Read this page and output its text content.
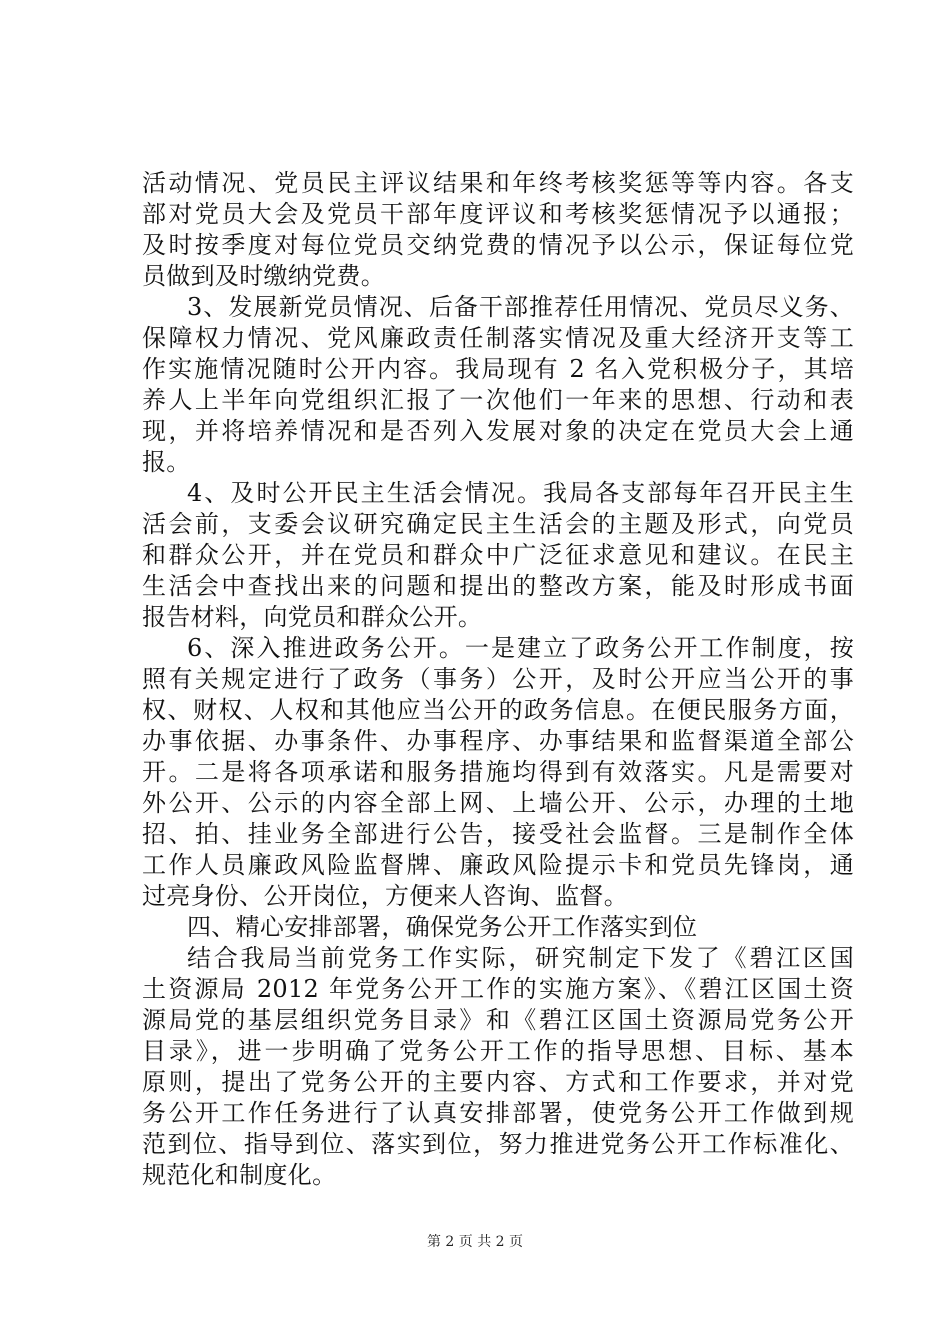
活动情况、党员民主评议结果和年终考核奖惩等等内容。各支
部对党员大会及党员干部年度评议和考核奖惩情况予以通报；
及时按季度对每位党员交纳党费的情况予以公示，保证每位党
员做到及时缴纳党费。
3、发展新党员情况、后备干部推荐任用情况、党员尽义务、
保障权力情况、党风廉政责任制落实情况及重大经济开支等工
作实施情况随时公开内容。我局现有 2 名入党积极分子，其培
养人上半年向党组织汇报了一次他们一年来的思想、行动和表
现，并将培养情况和是否列入发展对象的决定在党员大会上通
报。
4、及时公开民主生活会情况。我局各支部每年召开民主生
活会前，支委会议研究确定民主生活会的主题及形式，向党员
和群众公开，并在党员和群众中广泛征求意见和建议。在民主
生活会中查找出来的问题和提出的整改方案，能及时形成书面
报告材料，向党员和群众公开。
6、深入推进政务公开。一是建立了政务公开工作制度，按
照有关规定进行了政务（事务）公开，及时公开应当公开的事
权、财权、人权和其他应当公开的政务信息。在便民服务方面，
办事依据、办事条件、办事程序、办事结果和监督渠道全部公
开。二是将各项承诺和服务措施均得到有效落实。凡是需要对
外公开、公示的内容全部上网、上墙公开、公示，办理的土地
招、拍、挂业务全部进行公告，接受社会监督。三是制作全体
工作人员廉政风险监督牌、廉政风险提示卡和党员先锋岗，通
过亮身份、公开岗位，方便来人咨询、监督。
四、精心安排部署，确保党务公开工作落实到位
结合我局当前党务工作实际，研究制定下发了《碧江区国
土资源局 2012 年党务公开工作的实施方案》、《碧江区国土资
源局党的基层组织党务目录》和《碧江区国土资源局党务公开
目录》，进一步明确了党务公开工作的指导思想、目标、基本
原则，提出了党务公开的主要内容、方式和工作要求，并对党
务公开工作任务进行了认真安排部署，使党务公开工作做到规
范到位、指导到位、落实到位，努力推进党务公开工作标准化、
规范化和制度化。
第 2 页 共 2 页
